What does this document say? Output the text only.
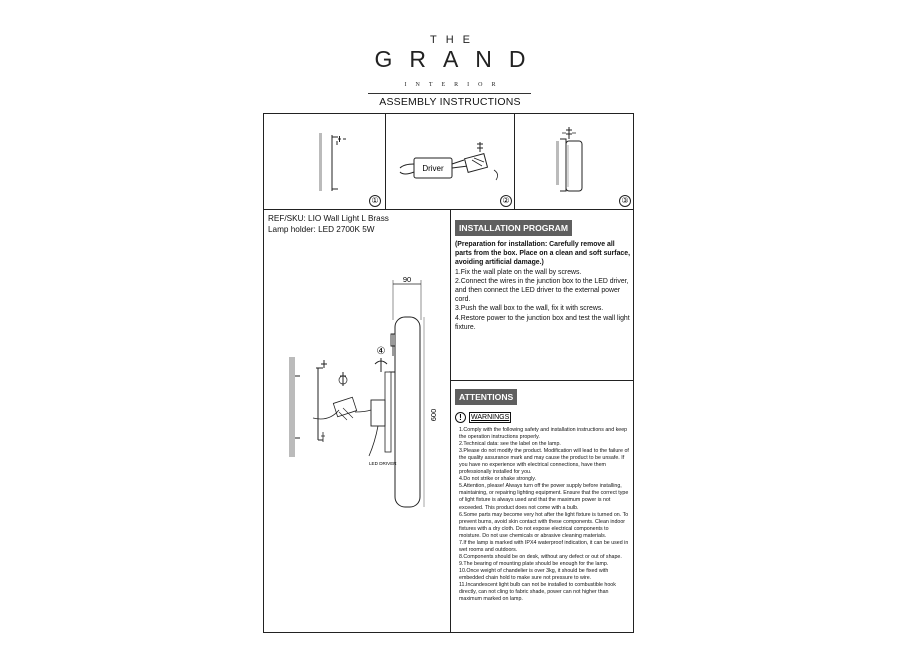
THE
GRAND
INTERIOR
ASSEMBLY INSTRUCTIONS
①
Driver
②	③
REF/SKU: LIO Wall Light L Brass
Lamp holder: LED 2700K 5W
90
600
④
LED DRIVER
INSTALLATION PROGRAM

(Preparation for installation: Carefully remove all parts from the box. Place on a clean and soft surface, avoiding artificial damage.)

1.Fix the wall plate on the wall by screws.

2.Connect the wires in the junction box to the LED driver, and then connect the LED driver to the external power cord.

3.Push the wall box to the wall, fix it with screws.

4.Restore power to the junction box and test the wall light fixture.

ATTENTIONS
!	WARNINGS

1.Comply with the following safety and installation instructions and keep the operation instructions properly.

2.Technical data: see the label on the lamp.

3.Please do not modify the product. Modification will lead to the failure of the quality assurance mark and may cause the product to be unsafe. If you have no experience with electrical connections, have them professionally installed for you.

4.Do not strike or shake strongly.

5.Attention, please! Always turn off the power supply before installing, maintaining, or repairing lighting equipment. Ensure that the correct type of light fixture is always used and that the maximum power is not exceeded. This product does not come with a bulb.

6.Some parts may become very hot after the light fixture is turned on. To prevent burns, avoid skin contact with these components. Clean indoor fixtures with a dry cloth. Do not expose electrical components to moisture. Do not use chemicals or abrasive cleaning materials.

7.If the lamp is marked with IPX4 waterproof indication, it can be used in wet rooms and outdoors.

8.Components should be on desk, without any defect or out of shape.

9.The bearing of mounting plate should be enough for the lamp.

10.Once weight of chandelier is over 3kg, it should be fixed with embedded chain hold to make sure not pressure to wire.

11.Incandescent light bulb can not be installed to combustible hook directly, can not cling to fabric shade, power can not higher than maximum marked on lamp.
